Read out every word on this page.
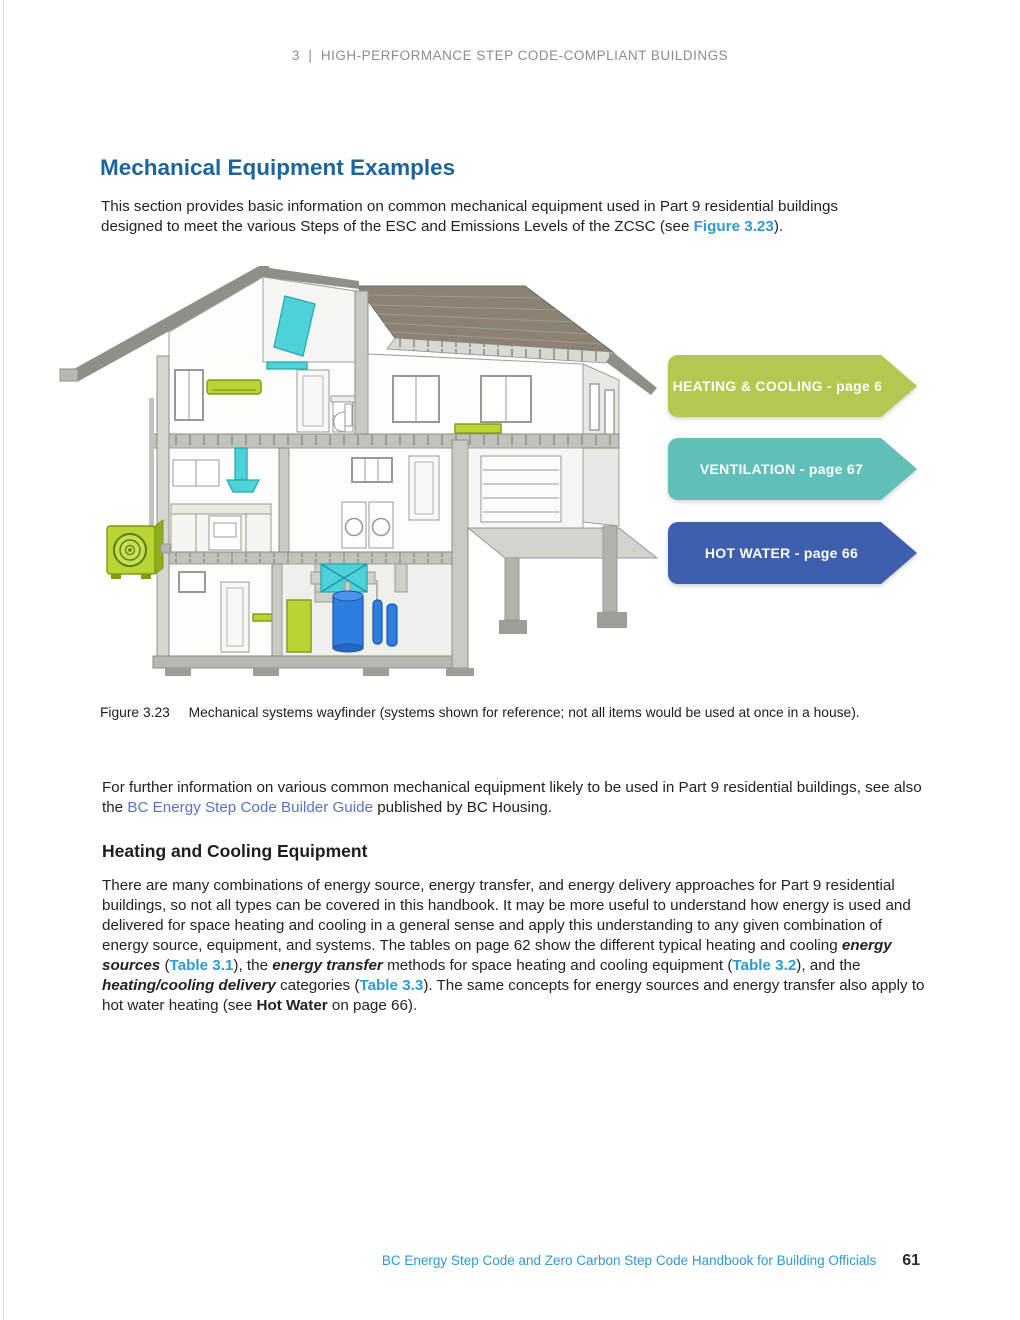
3  |  HIGH-PERFORMANCE STEP CODE-COMPLIANT BUILDINGS
Mechanical Equipment Examples

This section provides basic information on common mechanical equipment used in Part 9 residential buildings designed to meet the various Steps of the ESC and Emissions Levels of the ZCSC (see Figure 3.23).

HEATING & COOLING - page 61
VENTILATION - page 67
HOT WATER - page 66
Figure 3.23 Mechanical systems wayfinder (systems shown for reference; not all items would be used at once in a house).

For further information on various common mechanical equipment likely to be used in Part 9 residential buildings, see also the BC Energy Step Code Builder Guide published by BC Housing.

Heating and Cooling Equipment

There are many combinations of energy source, energy transfer, and energy delivery approaches for Part 9 residential buildings, so not all types can be covered in this handbook. It may be more useful to understand how energy is used and delivered for space heating and cooling in a general sense and apply this understanding to any given combination of energy source, equipment, and systems. The tables on page 62 show the different typical heating and cooling energy sources (Table 3.1), the energy transfer methods for space heating and cooling equipment (Table 3.2), and the heating/cooling delivery categories (Table 3.3). The same concepts for energy sources and energy transfer also apply to hot water heating (see Hot Water on page 66).

BC Energy Step Code and Zero Carbon Step Code Handbook for Building Officials 61
